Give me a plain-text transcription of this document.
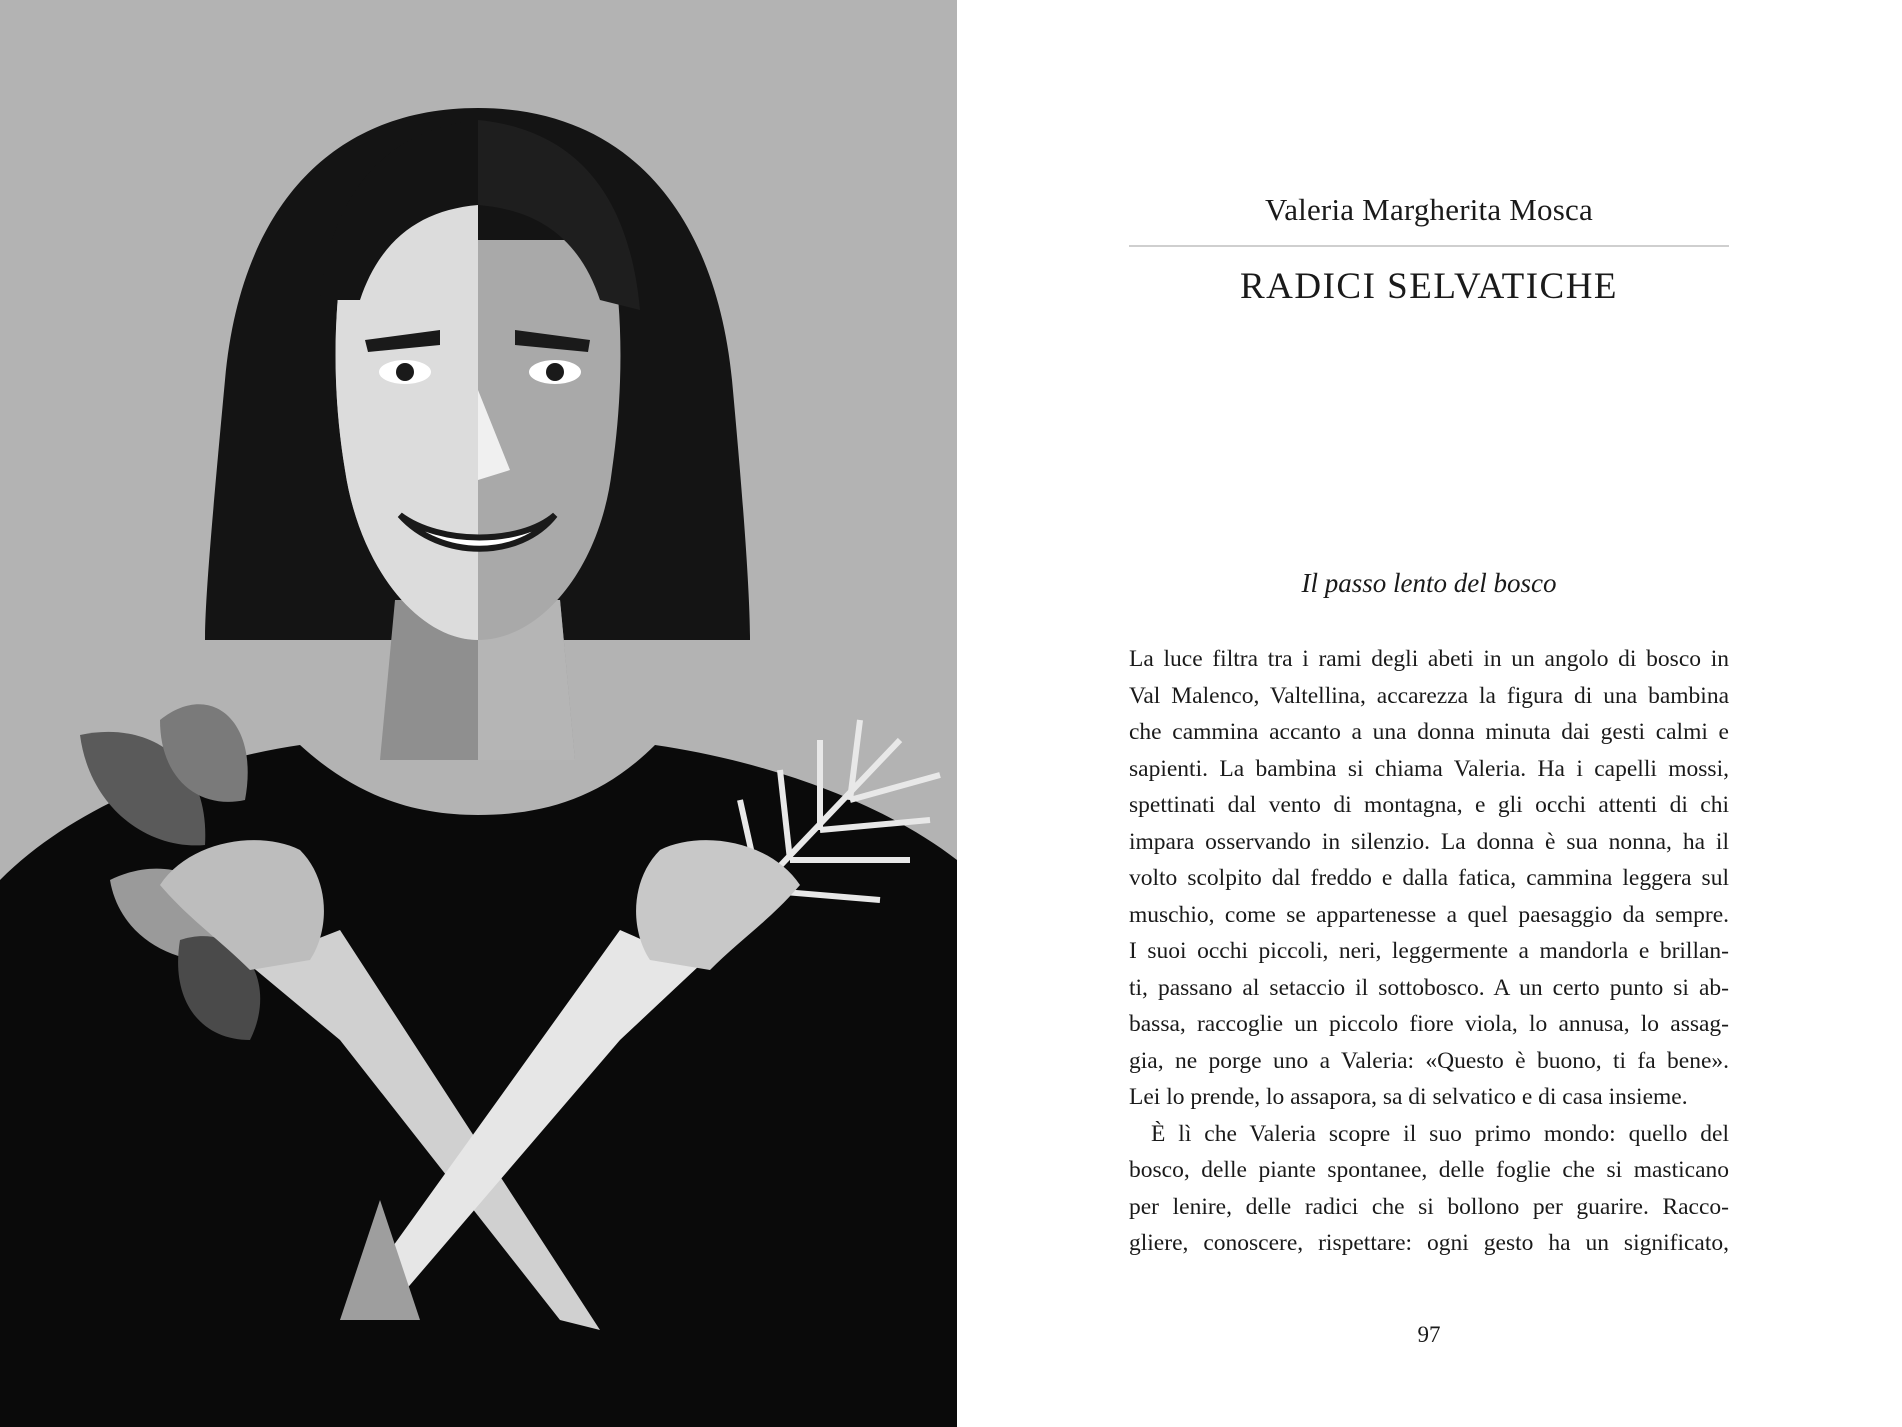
Valeria Margherita Mosca
RADICI SELVATICHE
Il passo lento del bosco
La luce filtra tra i rami degli abeti in un angolo di bosco in
Val Malenco, Valtellina, accarezza la figura di una bambina
che cammina accanto a una donna minuta dai gesti calmi e
sapienti. La bambina si chiama Valeria. Ha i capelli mossi,
spettinati dal vento di montagna, e gli occhi attenti di chi
impara osservando in silenzio. La donna è sua nonna, ha il
volto scolpito dal freddo e dalla fatica, cammina leggera sul
muschio, come se appartenesse a quel paesaggio da sempre.
I suoi occhi piccoli, neri, leggermente a mandorla e brillan-
ti, passano al setaccio il sottobosco. A un certo punto si ab-
bassa, raccoglie un piccolo fiore viola, lo annusa, lo assag-
gia, ne porge uno a Valeria: «Questo è buono, ti fa bene».
Lei lo prende, lo assapora, sa di selvatico e di casa insieme.
È lì che Valeria scopre il suo primo mondo: quello del
bosco, delle piante spontanee, delle foglie che si masticano
per lenire, delle radici che si bollono per guarire. Racco-
gliere, conoscere, rispettare: ogni gesto ha un significato,
97
